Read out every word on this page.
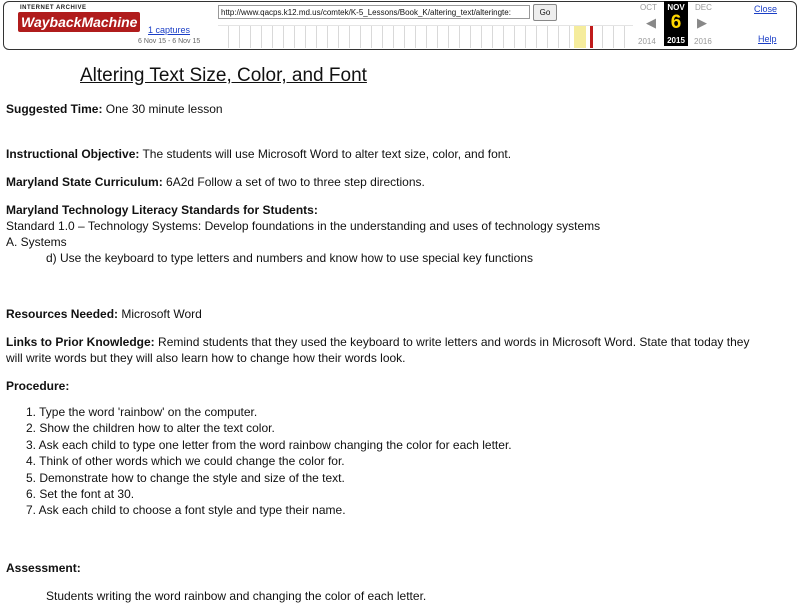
INTERNET ARCHIVE
WaybackMachine
http://www.qacps.k12.md.us/comtek/K-5_Lessons/Book_K/altering_text/alteringte:	Go
1 captures
6 Nov 15 - 6 Nov 15
OCT
◀
2014
NOV
6
2015
DEC
▶
2016
Close
Help
Altering Text Size, Color, and Font

Suggested Time: One 30 minute lesson

Instructional Objective: The students will use Microsoft Word to alter text size, color, and font.

Maryland State Curriculum: 6A2d Follow a set of two to three step directions.

Maryland Technology Literacy Standards for Students:

Standard 1.0 – Technology Systems: Develop foundations in the understanding and uses of technology systems

A. Systems

d) Use the keyboard to type letters and numbers and know how to use special key functions

Resources Needed: Microsoft Word

Links to Prior Knowledge: Remind students that they used the keyboard to write letters and words in Microsoft Word. State that today they

will write words but they will also learn how to change how their words look.

Procedure:

1. Type the word 'rainbow' on the computer.
2. Show the children how to alter the text color.
3. Ask each child to type one letter from the word rainbow changing the color for each letter.
4. Think of other words which we could change the color for.
5. Demonstrate how to change the style and size of the text.
6. Set the font at 30.
7. Ask each child to choose a font style and type their name.

Assessment:

Students writing the word rainbow and changing the color of each letter.
